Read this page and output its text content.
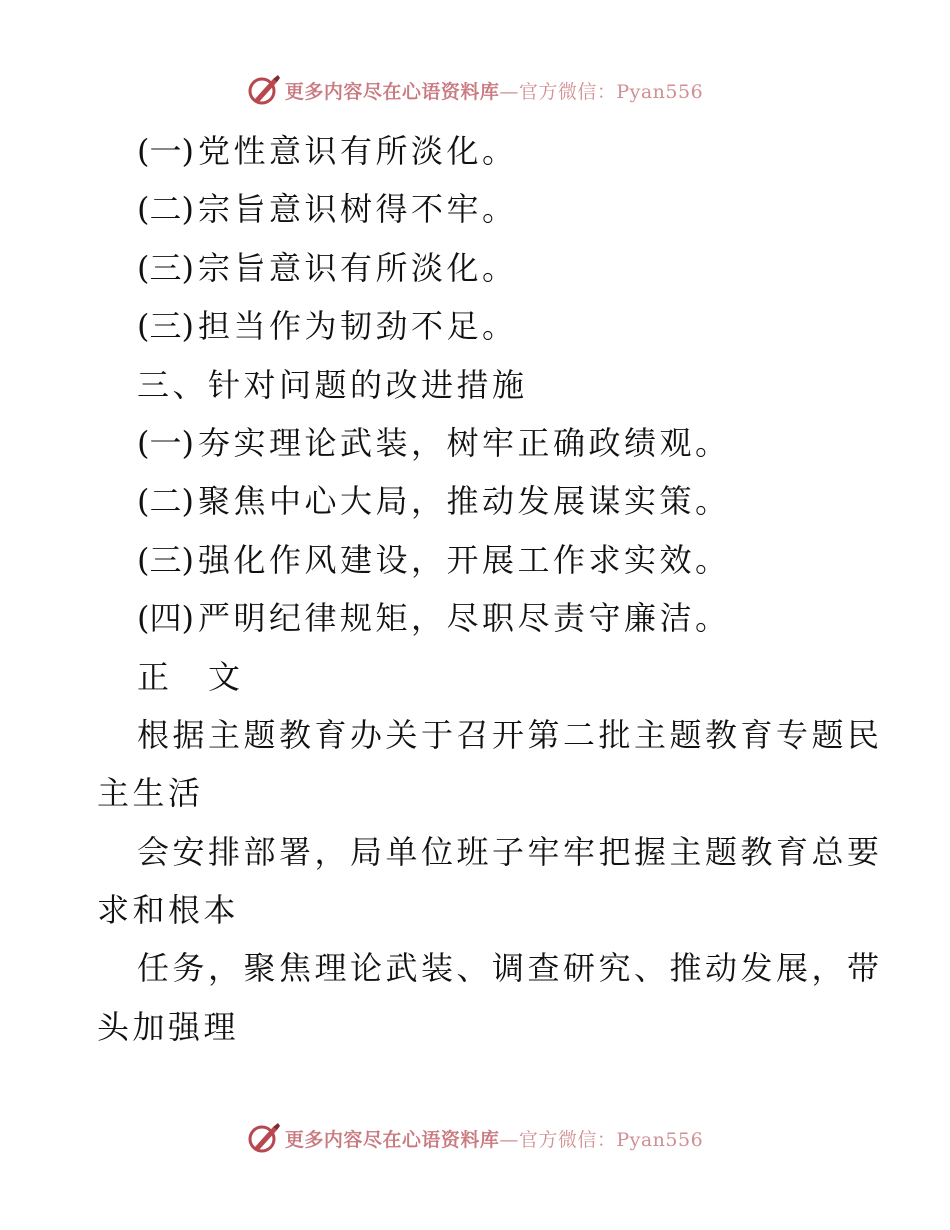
更多内容尽在心语资料库—官方微信：Pyan556
(一) 党性意识有所淡化。
(二) 宗旨意识树得不牢。
(三) 宗旨意识有所淡化。
(三) 担当作为韧劲不足。
三、针对问题的改进措施
(一) 夯实理论武装，树牢正确政绩观。
(二) 聚焦中心大局，推动发展谋实策。
(三) 强化作风建设，开展工作求实效。
(四) 严明纪律规矩，尽职尽责守廉洁。
正　文
根据主题教育办关于召开第二批主题教育专题民
主生活
会安排部署，局单位班子牢牢把握主题教育总要
求和根本
任务，聚焦理论武装、调查研究、推动发展，带
头加强理
更多内容尽在心语资料库—官方微信：Pyan556
